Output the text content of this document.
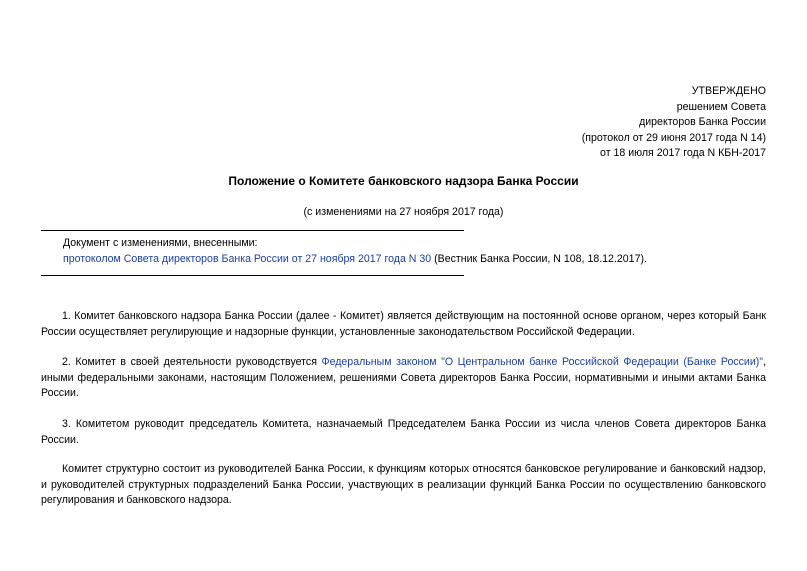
УТВЕРЖДЕНО
решением Совета
директоров Банка России
(протокол от 29 июня 2017 года N 14)
от 18 июля 2017 года N КБН-2017
Положение о Комитете банковского надзора Банка России
(с изменениями на 27 ноября 2017 года)
Документ с изменениями, внесенными:
протоколом Совета директоров Банка России от 27 ноября 2017 года N 30 (Вестник Банка России, N 108, 18.12.2017).
1. Комитет банковского надзора Банка России (далее - Комитет) является действующим на постоянной основе органом, через который Банк России осуществляет регулирующие и надзорные функции, установленные законодательством Российской Федерации.
2. Комитет в своей деятельности руководствуется Федеральным законом "О Центральном банке Российской Федерации (Банке России)", иными федеральными законами, настоящим Положением, решениями Совета директоров Банка России, нормативными и иными актами Банка России.
3. Комитетом руководит председатель Комитета, назначаемый Председателем Банка России из числа членов Совета директоров Банка России.
Комитет структурно состоит из руководителей Банка России, к функциям которых относятся банковское регулирование и банковский надзор, и руководителей структурных подразделений Банка России, участвующих в реализации функций Банка России по осуществлению банковского регулирования и банковского надзора.
